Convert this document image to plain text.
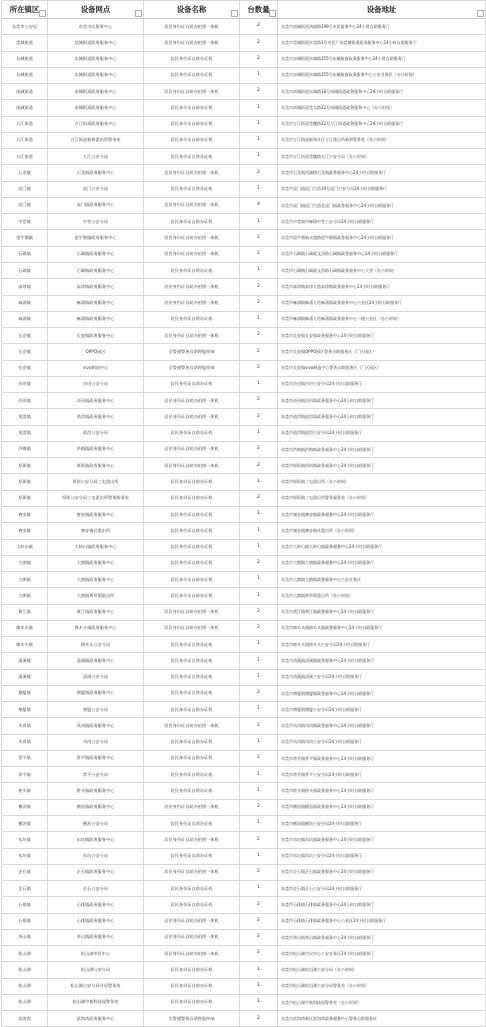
所在镇区	设备网点	设备名称	台数量	设备地址
东莞市公安局	东莞市民服务中心	居民身份证自助办拍照一体机	2	东莞市南城街道鸿福路199号市民服务中心24小时自助服务厅
莞城街道	莞城街道政务服务中心	居民身份证自助办拍照一体机	2	东莞市莞城街道东莞路1号市民广场莞城街道政务服务中心24小时自助服务厅
东城街道	东城街道政务服务中心	居民身份证自助办证机	2	东莞市东城街道东城路355号东城街道政务服务中心24小时自助服务厅
东城街道	东城街道政务服务中心	居民身份证自助办证机	1	东莞市东城街道东城路355号东城街道政务服务中心公安业务区（办公时间）
南城街道	南城街道政务服务中心	居民身份证自助办拍照一体机	2	东莞市南城街道东城路18号南城街道政务服务中心24小时自助服务厅
南城街道	南城街道政务服务中心	居民身份证自助办证机	1	东莞市南城街道莞太路22号南城街道政务服务中心（办公时间）
万江街道	万江街道政务服务中心	居民身份证自助办证机	1	东莞市万江街道莞穗路22号万江街道政务服务中心24小时自助服务厅
万江街道	万江街道新和派出所警务室	居民身份证自助办证机	1	东莞市万江街道新和社区万江派出所新和警务室（办公时间）
万江街道	万江公安分局	居民身份证自助办证机	1	东莞市万江街道莞穗路万江公安分局（办公时间）
石龙镇	石龙镇政务服务中心	居民身份证自助办拍照一体机	2	东莞市石龙镇西湖路石龙镇政务服务中心24小时自助服务厅
虎门镇	虎门公安分局	居民身份证自助办证机	1	东莞市虎门镇虎门大道19号虎门公安分局24小时自助服务厅
虎门镇	虎门镇政务服务中心	居民身份证自助办拍照一体机	4	东莞市虎门镇虎门大道北虎门镇政务服务中心24小时自助服务厅
中堂镇	中堂公安分局	居民身份证自助办证机	1	东莞市中堂镇中麻路中堂公安分局24小时自助服务厅
望牛墩镇	望牛墩镇政务服务中心	居民身份证自助办拍照一体机	2	东莞市望牛墩镇永盛路望牛墩镇政务服务中心24小时自助服务厅
石碣镇	石碣镇政务服务中心	居民身份证自助办拍照一体机	2	东莞市石碣镇石碣政文西路石碣镇政务服务中心24小时自助服务厅
石碣镇	石碣镇政务服务中心	居民身份证自助办证机	1	东莞市石碣镇石碣政文西路石碣镇政务服务中心大堂（办公时间）
高埗镇	高埗镇政务服务中心	居民身份证自助办拍照一体机	2	东莞市高埗镇高埗大道高埗镇政务服务中心24小时自助服务厅
麻涌镇	麻涌镇政务服务中心	居民身份证自助办拍照一体机	2	东莞市麻涌镇麻涌大道麻涌镇政务服务中心公安区24小时自助服务厅
麻涌镇	麻涌镇政务服务中心	居民身份证自助办证机	1	东莞市麻涌镇麻涌大道麻涌镇政务服务中心一楼公安区（办公时间）
长安镇	长安镇政务服务中心	居民身份证自助办拍照一体机	2	东莞市长安镇长安镇政务服务中心24小时自助服务厅
长安镇	OPPO园区	全警通警务自助智能终端	2	东莞市长安镇OPPO园区警务自助服务区（厂区园区）
长安镇	vivo制造中心	全警通警务自助智能终端	2	东莞市长安镇vivo制造中心警务自助服务区（厂区园区）
沙田镇	沙田公安分局	居民身份证自助办证机	1	东莞市沙田镇沙田公安分局24小时自助服务厅
沙田镇	沙田镇政务服务中心	居民身份证自助办拍照一体机	2	东莞市沙田镇沙田镇政务服务中心24小时自助服务厅
道滘镇	道滘镇政务服务中心	居民身份证自助办拍照一体机	2	东莞市道滘镇道滘镇政务服务中心24小时自助服务厅
道滘镇	道滘公安分局	居民身份证自助办证机	1	东莞市道滘镇道滘公安分局24小时自助服务厅
洪梅镇	洪梅镇政务服务中心	居民身份证自助办拍照一体机	2	东莞市洪梅镇洪梅镇政务服务中心24小时自助服务厅
厚街镇	厚街镇政务服务中心	居民身份证自助办拍照一体机	2	东莞市厚街镇厚街镇政务服务中心24小时自助服务厅
厚街镇	厚街公安分局三屯派出所	居民身份证自助办证机	1	东莞市厚街镇三屯派出所（办公时间）
厚街镇	厚街公安分局三屯派出所警务服务室	居民身份证自助办证机	2	东莞市厚街镇三屯派出所警务服务室（办公时间）
寮步镇	寮步镇政务服务中心	居民身份证自助办证机	1	东莞市寮步镇寮步镇政务服务中心24小时自助服务厅
寮步镇	寮步镇社派出所	居民身份证自助办证机	1	东莞市寮步镇寮步镇社派出所（办公时间）
大岭山镇	大岭山镇政务服务中心	居民身份证自助办证机	1	东莞市大岭山镇大岭山镇政务服务中心24小时自助服务厅
大朗镇	大朗镇政务服务中心	居民身份证自助办证机	2	东莞市大朗镇大朗镇政务服务中心24小时自助服务厅
大朗镇	大朗镇政务服务中心	居民身份证自助办证机	1	东莞市大朗镇大朗镇政务服务中心公安业务区
大朗镇	大朗镇黄草朗派出所	居民身份证自助办证机	1	东莞市大朗镇黄草朗派出所（办公时间）
黄江镇	黄江镇政务服务中心	居民身份证自助办拍照一体机	2	东莞市黄江镇黄江镇政务服务中心24小时自助服务厅
樟木头镇	樟木头镇政务服务中心	居民身份证自助办拍照一体机	2	东莞市樟木头镇樟木头镇政务服务中心24小时自助服务厅
樟木头镇	樟木头公安分局	居民身份证自助办证机	1	东莞市樟木头镇樟木头公安分局24小时自助服务厅
清溪镇	清溪镇政务服务中心	居民身份证自助办证机	1	东莞市清溪镇清溪镇政务服务中心24小时自助服务厅
清溪镇	清溪公安分局	居民身份证自助办证机	1	东莞市清溪镇清溪公安分局24小时自助服务厅
塘厦镇	塘厦镇政务服务中心	居民身份证自助办证机	2	东莞市塘厦镇塘厦镇政务服务中心24小时自助服务厅
塘厦镇	塘厦公安分局	居民身份证自助办证机	1	东莞市塘厦镇塘厦公安分局24小时自助服务厅
凤岗镇	凤岗镇政务服务中心	居民身份证自助办拍照一体机	2	东莞市凤岗镇凤岗镇政务服务中心24小时自助服务厅
凤岗镇	凤岗公安分局	居民身份证自助办证机	1	东莞市凤岗镇凤岗公安分局24小时自助服务厅
常平镇	常平镇政务服务中心	居民身份证自助办证机	2	东莞市常平镇常平镇政务服务中心24小时自助服务厅
常平镇	常平公安分局	居民身份证自助办证机	1	东莞市常平镇常平公安分局24小时自助服务厅
桥头镇	桥头镇政务服务中心	居民身份证自助办证机	1	东莞市桥头镇桥头镇政务服务中心24小时自助服务厅
横沥镇	横沥镇政务服务中心	居民身份证自助办拍照一体机	2	东莞市横沥镇横沥镇政务服务中心24小时自助服务厅
横沥镇	横沥公安分局	居民身份证自助办证机	1	东莞市横沥镇横沥公安分局24小时自助服务厅
东坑镇	东坑镇政务服务中心	居民身份证自助办拍照一体机	2	东莞市东坑镇东坑镇政务服务中心24小时自助服务厅
东坑镇	东坑公安分局	居民身份证自助办证机	1	东莞市东坑镇东坑公安分局24小时自助服务厅
企石镇	企石镇政务服务中心	居民身份证自助办拍照一体机	2	东莞市企石镇企石镇政务服务中心24小时自助服务厅
企石镇	企石公安分局	居民身份证自助办证机	1	东莞市企石镇企石公安分局24小时自助服务厅
石排镇	石排镇政务服务中心	居民身份证自助办证机	2	东莞市石排镇石排镇政务服务中心24小时自助服务厅
石排镇	石排镇政务服务中心	居民身份证自助办拍照一体机	2	东莞市石排镇石排镇政务服务中心公安区24小时自助服务厅
茶山镇	茶山镇政务服务中心	居民身份证自助办拍照一体机	2	东莞市茶山镇茶山镇政务服务中心24小时自助服务厅
松山湖	松山湖市民中心	居民身份证自助办拍照一体机	2	东莞市松山湖市民中心公安业务区24小时自助服务厅
松山湖	松山湖公安分局	居民身份证自助办证机	1	东莞市松山湖松山湖公安分局（办公时间）
松山湖	松山湖公安分局分局警务室	居民身份证自助办证机	1	东莞市松山湖松山湖公安分局警务室（办公时间）
松山湖	松山湖中集科技园警务室	居民身份证自助办证机	1	东莞市松山湖中集科技园警务室（办公时间）
滨海湾	滨海湾政务服务中心	全警通警务自助智能终端	2	东莞市滨海湾新区滨海湾政务服务中心警务自助服务区
